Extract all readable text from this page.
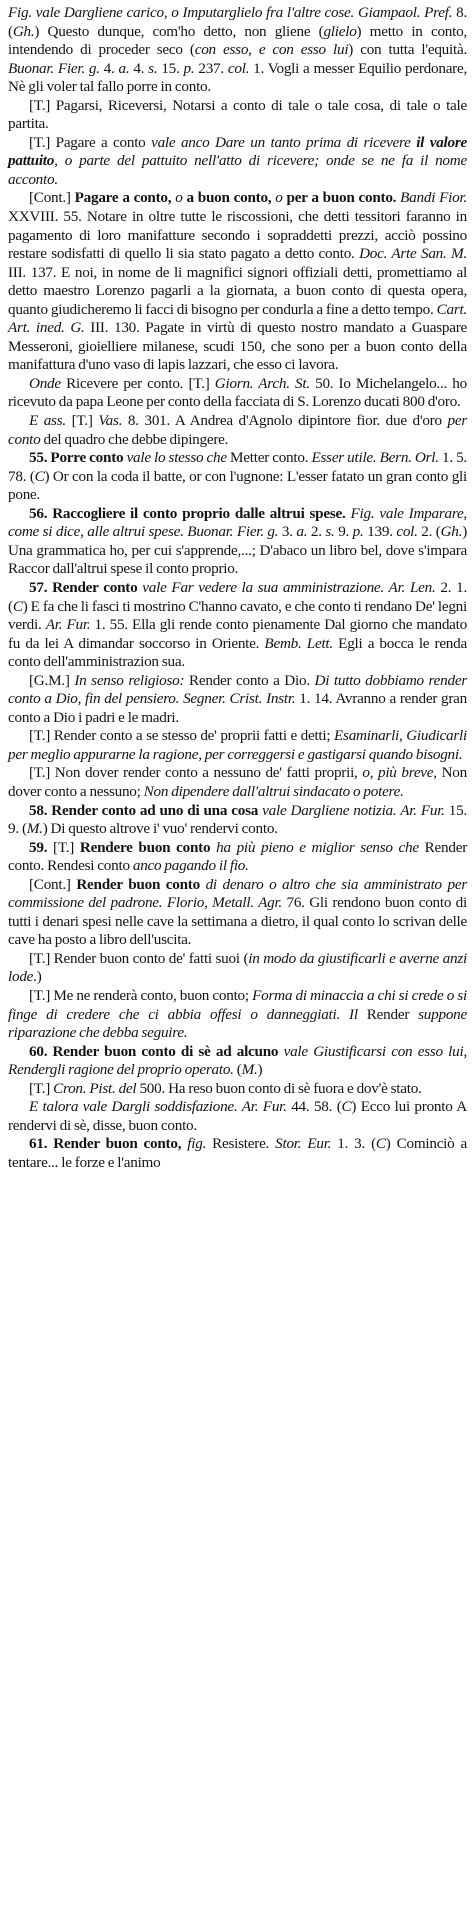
Fig. vale Dargliene carico, o Imputarglielo fra l'altre cose. Giampaol. Pref. 8. (Gh.) Questo dunque, com'ho detto, non gliene (glielo) metto in conto, intendendo di proceder seco (con esso, e con esso lui) con tutta l'equità. Buonar. Fier. g. 4. a. 4. s. 15. p. 237. col. 1. Vogli a messer Equilio perdonare, Nè gli voler tal fallo porre in conto.

[T.] Pagarsi, Riceversi, Notarsi a conto di tale o tale cosa, di tale o tale partita.

[T.] Pagare a conto vale anco Dare un tanto prima di ricevere il valore pattuito, o parte del pattuito nell'atto di ricevere; onde se ne fa il nome acconto.

[Cont.] Pagare a conto, o a buon conto, o per a buon conto. Bandi Fior. XXVIII. 55. Notare in oltre tutte le riscossioni, che detti tessitori faranno in pagamento di loro manifatture secondo i sopraddetti prezzi, acciò possino restare sodisfatti di quello li sia stato pagato a detto conto. Doc. Arte San. M. III. 137. E noi, in nome de li magnifici signori offiziali detti, promettiamo al detto maestro Lorenzo pagarli a la giornata, a buon conto di questa opera, quanto giudicheremo li facci di bisogno per condurla a fine a detto tempo. Cart. Art. ined. G. III. 130. Pagate in virtù di questo nostro mandato a Guaspare Messeroni, gioielliere milanese, scudi 150, che sono per a buon conto della manifattura d'uno vaso di lapis lazzari, che esso ci lavora.

Onde Ricevere per conto. [T.] Giorn. Arch. St. 50. Io Michelangelo... ho ricevuto da papa Leone per conto della facciata di S. Lorenzo ducati 800 d'oro.

E ass. [T.] Vas. 8. 301. A Andrea d'Agnolo dipintore fior. due d'oro per conto del quadro che debbe dipingere.

55. Porre conto vale lo stesso che Metter conto. Esser utile. Bern. Orl. 1. 5. 78. (C) Or con la coda il batte, or con l'ugnone: L'esser fatato un gran conto gli pone.

56. Raccogliere il conto proprio dalle altrui spese. Fig. vale Imparare, come si dice, alle altrui spese. Buonar. Fier. g. 3. a. 2. s. 9. p. 139. col. 2. (Gh.) Una grammatica ho, per cui s'apprende,...; D'abaco un libro bel, dove s'impara Raccor dall'altrui spese il conto proprio.

57. Render conto vale Far vedere la sua amministrazione. Ar. Len. 2. 1. (C) E fa che li fasci ti mostrino C'hanno cavato, e che conto ti rendano De' legni verdi. Ar. Fur. 1. 55. Ella gli rende conto pienamente Dal giorno che mandato fu da lei A dimandar soccorso in Oriente. Bemb. Lett. Egli a bocca le renda conto dell'amministrazion sua.

[G.M.] In senso religioso: Render conto a Dio. Di tutto dobbiamo render conto a Dio, fin del pensiero. Segner. Crist. Instr. 1. 14. Avranno a render gran conto a Dio i padri e le madri.

[T.] Render conto a se stesso de' proprii fatti e detti; Esaminarli, Giudicarli per meglio appurarne la ragione, per correggersi e gastigarsi quando bisogni.

[T.] Non dover render conto a nessuno de' fatti proprii, o, più breve, Non dover conto a nessuno; Non dipendere dall'altrui sindacato o potere.

58. Render conto ad uno di una cosa vale Dargliene notizia. Ar. Fur. 15. 9. (M.) Di questo altrove i' vuo' rendervi conto.

59. [T.] Rendere buon conto ha più pieno e miglior senso che Render conto. Rendesi conto anco pagando il fio.

[Cont.] Render buon conto di denaro o altro che sia amministrato per commissione del padrone. Florio, Metall. Agr. 76. Gli rendono buon conto di tutti i denari spesi nelle cave la settimana a dietro, il qual conto lo scrivan delle cave ha posto a libro dell'uscita.

[T.] Render buon conto de' fatti suoi (in modo da giustificarli e averne anzi lode.)

[T.] Me ne renderà conto, buon conto; Forma di minaccia a chi si crede o si finge di credere che ci abbia offesi o danneggiati. Il Render suppone riparazione che debba seguire.

60. Render buon conto di sè ad alcuno vale Giustificarsi con esso lui, Rendergli ragione del proprio operato. (M.)

[T.] Cron. Pist. del 500. Ha reso buon conto di sè fuora e dov'è stato.

E talora vale Dargli soddisfazione. Ar. Fur. 44. 58. (C) Ecco lui pronto A rendervi di sè, disse, buon conto.

61. Render buon conto, fig. Resistere. Stor. Eur. 1. 3. (C) Cominciò a tentare... le forze e l'animo
